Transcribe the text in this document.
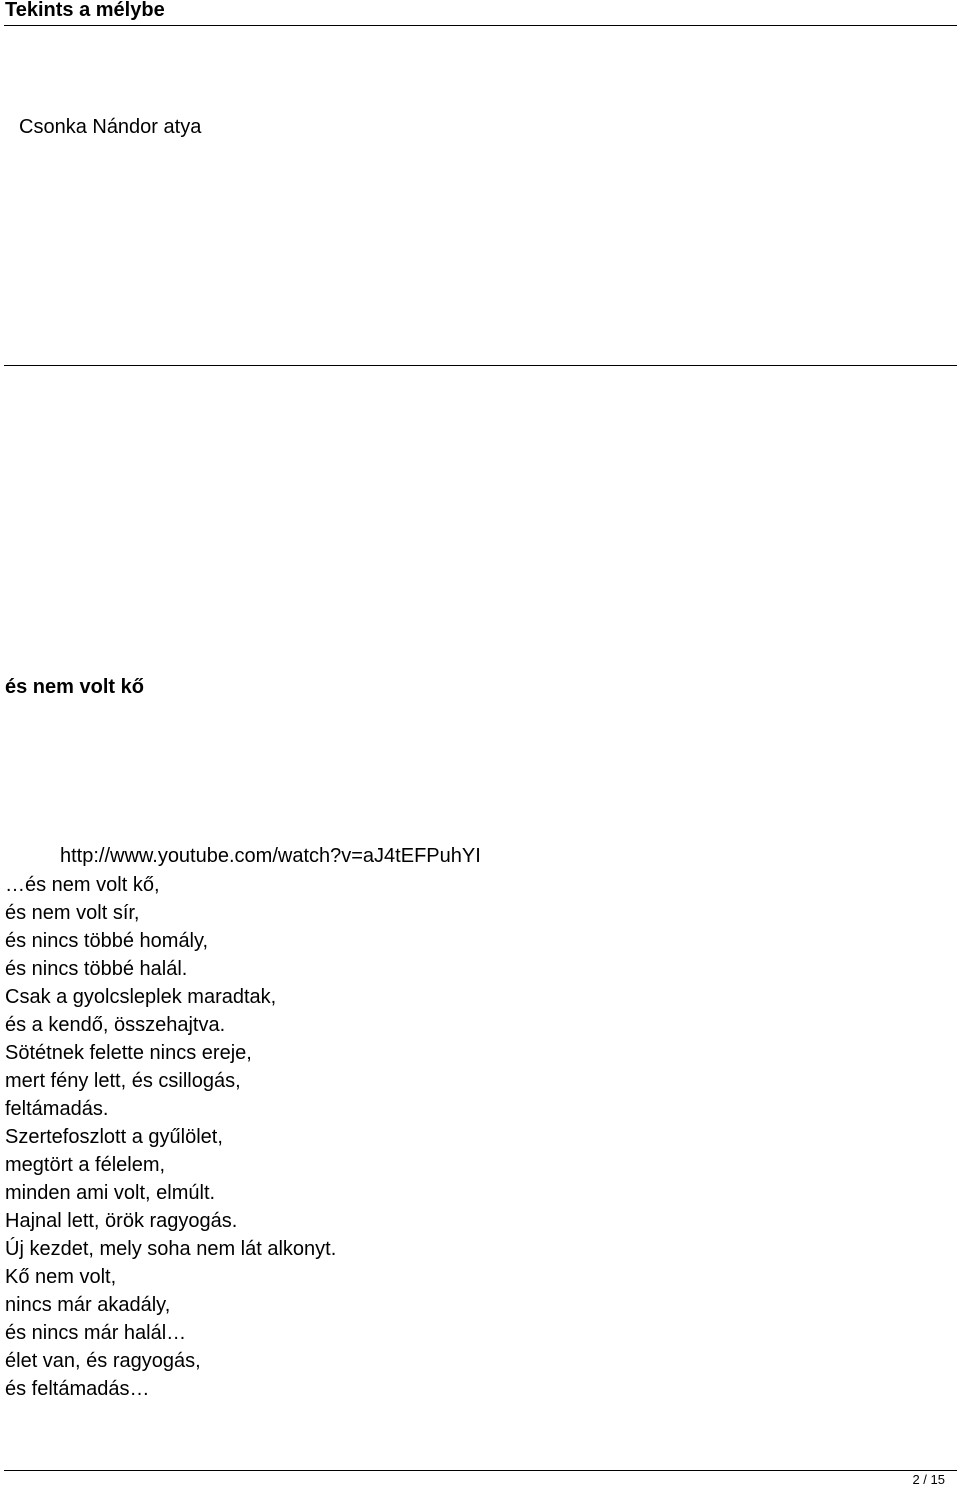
Tekints a mélybe
Csonka Nándor atya
és nem volt kő
http://www.youtube.com/watch?v=aJ4tEFPuhYI
…és nem volt kő,
és nem volt sír,
és nincs többé homály,
és nincs többé halál.
Csak a gyolcsleplek maradtak,
és a kendő, összehajtva.
Sötétnek felette nincs ereje,
mert fény lett, és csillogás,
feltámadás.
Szertefoszlott a gyűlölet,
megtört a félelem,
minden ami volt, elmúlt.
Hajnal lett, örök ragyogás.
Új kezdet, mely soha nem lát alkonyt.
Kő nem volt,
nincs már akadály,
és nincs már halál…
élet van, és ragyogás,
és feltámadás…
2 / 15
